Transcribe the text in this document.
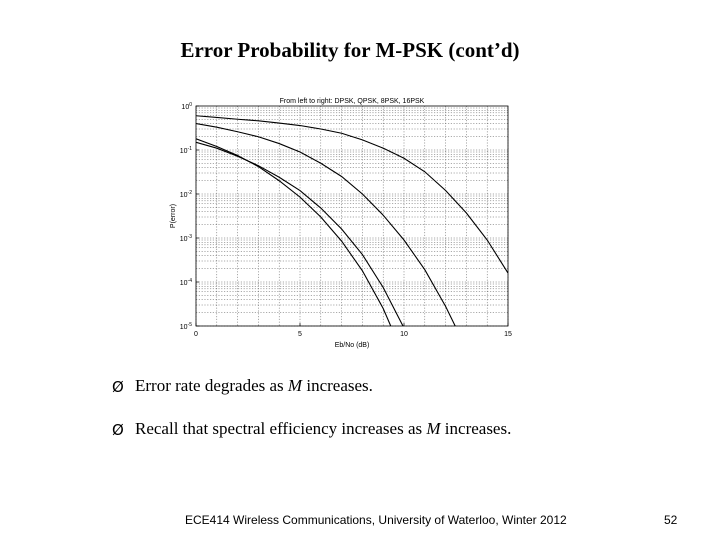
Error Probability for M-PSK (cont’d)
0	5	10	15
$10^0$
$10^{-1}$
$10^{-2}$
$10^{-3}$
$10^{-4}$
$10^{-5}$
From left to right: DPSK, QPSK, 8PSK, 16PSK
Eb/No (dB)
P(error)
Ø Error rate degrades as M increases.
Ø Recall that spectral efficiency increases as M increases.
ECE414 Wireless Communications, University of Waterloo, Winter 2012	52
